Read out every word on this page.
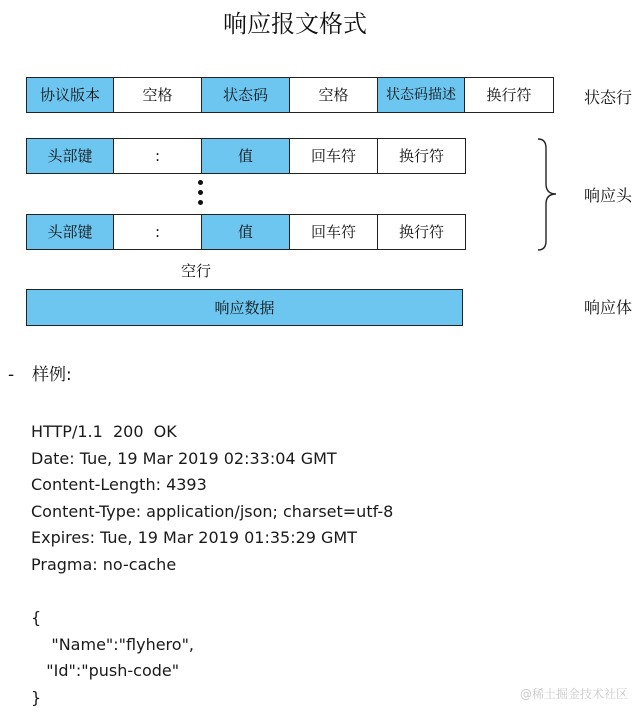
响应报文格式
协议版本	空格	状态码	空格	状态码描述	换行符	状态行
头部键	:	值	回车符	换行符
头部键	:	值	回车符	换行符
响应头
空行
响应数据	响应体
- 样例:
HTTP/1.1  200  OK
Date: Tue, 19 Mar 2019 02:33:04 GMT
Content-Length: 4393
Content-Type: application/json; charset=utf-8
Expires: Tue, 19 Mar 2019 01:35:29 GMT
Pragma: no-cache
{
"Name":"flyhero",
"Id":"push-code"
}	@稀土掘金技术社区
